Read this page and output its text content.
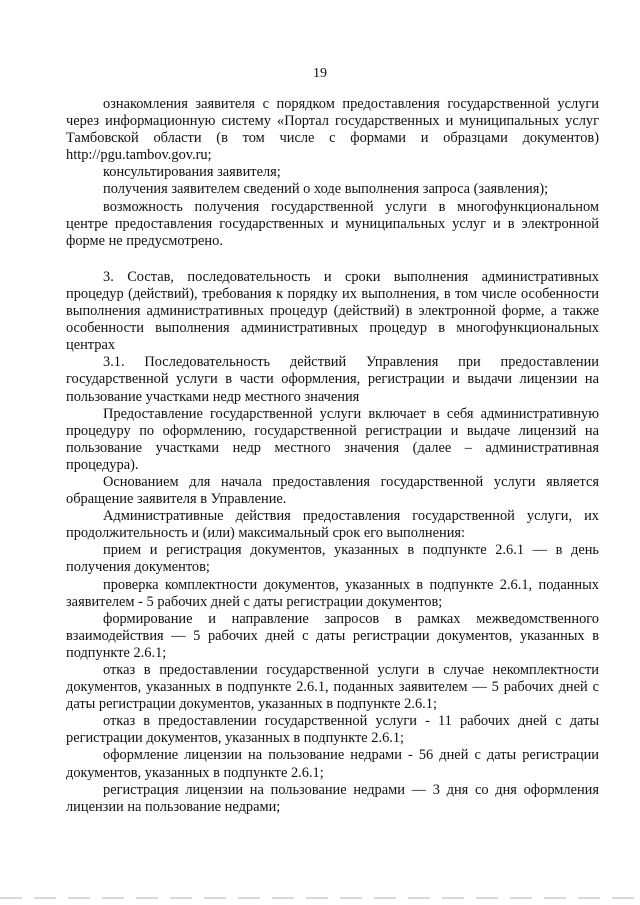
19

ознакомления заявителя с порядком предоставления государственной услуги через информационную систему «Портал государственных и муниципальных услуг Тамбовской области (в том числе с формами и образцами документов) http://pgu.tambov.gov.ru;

консультирования заявителя;

получения заявителем сведений о ходе выполнения запроса (заявления);

возможность получения государственной услуги в многофункциональном центре предоставления государственных и муниципальных услуг и в электронной форме не предусмотрено.

3. Состав, последовательность и сроки выполнения административных процедур (действий), требования к порядку их выполнения, в том числе особенности выполнения административных процедур (действий) в электронной форме, а также особенности выполнения административных процедур в многофункциональных центрах

3.1. Последовательность действий Управления при предоставлении государственной услуги в части оформления, регистрации и выдачи лицензии на пользование участками недр местного значения

Предоставление государственной услуги включает в себя административную процедуру по оформлению, государственной регистрации и выдаче лицензий на пользование участками недр местного значения (далее – административная процедура).

Основанием для начала предоставления государственной услуги является обращение заявителя в Управление.

Административные действия предоставления государственной услуги, их продолжительность и (или) максимальный срок его выполнения:

прием и регистрация документов, указанных в подпункте 2.6.1 — в день получения документов;

проверка комплектности документов, указанных в подпункте 2.6.1, поданных заявителем - 5 рабочих дней с даты регистрации документов;

формирование и направление запросов в рамках межведомственного взаимодействия — 5 рабочих дней с даты регистрации документов, указанных в подпункте 2.6.1;

отказ в предоставлении государственной услуги в случае некомплектности документов, указанных в подпункте 2.6.1, поданных заявителем — 5 рабочих дней с даты регистрации документов, указанных в подпункте 2.6.1;

отказ в предоставлении государственной услуги - 11 рабочих дней с даты регистрации документов, указанных в подпункте 2.6.1;

оформление лицензии на пользование недрами - 56 дней с даты регистрации документов, указанных в подпункте 2.6.1;

регистрация лицензии на пользование недрами — 3 дня со дня оформления лицензии на пользование недрами;
